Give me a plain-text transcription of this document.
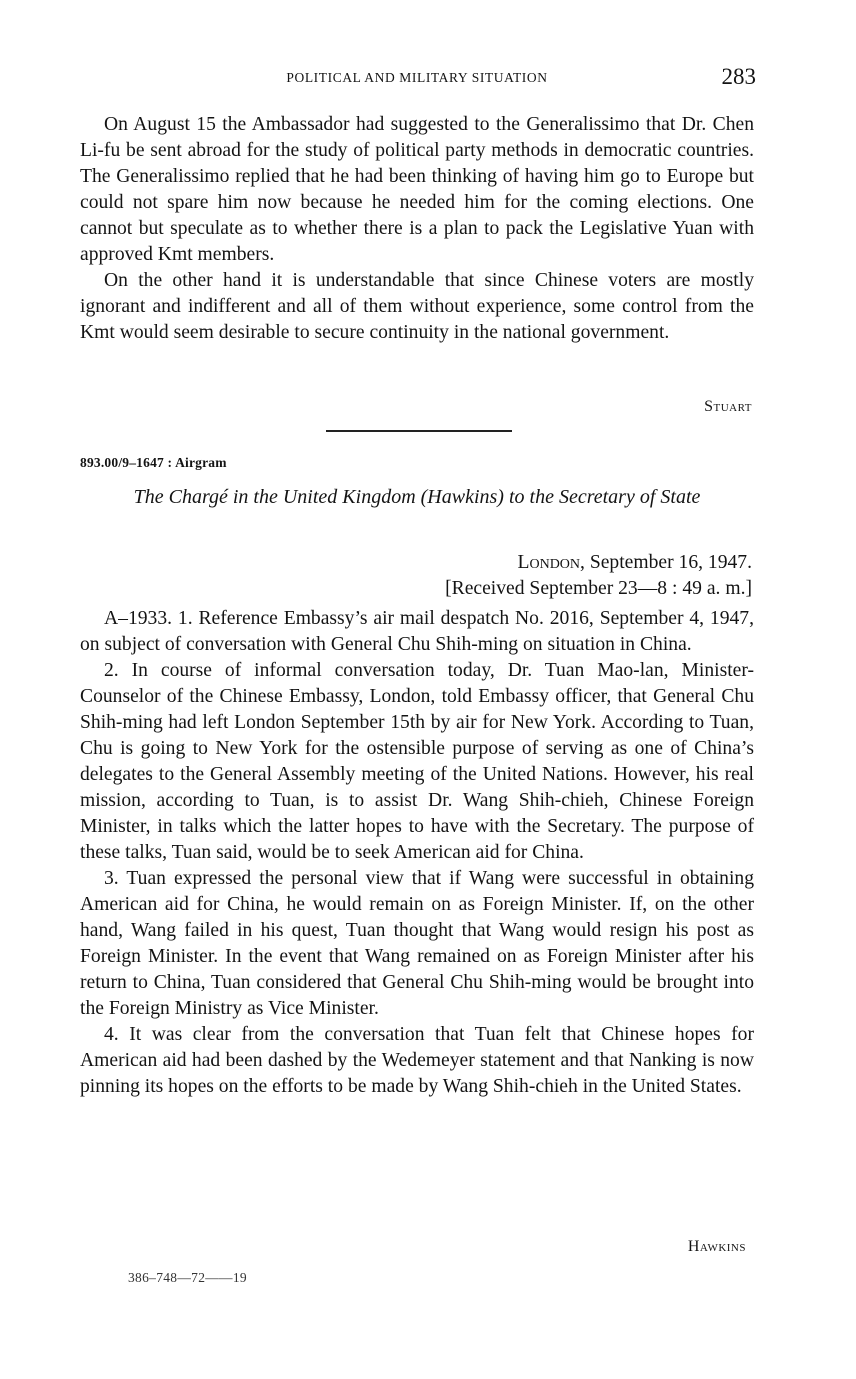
POLITICAL AND MILITARY SITUATION	283

On August 15 the Ambassador had suggested to the Generalissimo that Dr. Chen Li-fu be sent abroad for the study of political party methods in democratic countries. The Generalissimo replied that he had been thinking of having him go to Europe but could not spare him now because he needed him for the coming elections. One cannot but speculate as to whether there is a plan to pack the Legislative Yuan with approved Kmt members.

On the other hand it is understandable that since Chinese voters are mostly ignorant and indifferent and all of them without experience, some control from the Kmt would seem desirable to secure continuity in the national government.

Stuart
893.00/9–1647 : Airgram
The Chargé in the United Kingdom (Hawkins) to the Secretary of State
London, September 16, 1947.
[Received September 23—8 : 49 a. m.]

A–1933. 1. Reference Embassy’s air mail despatch No. 2016, September 4, 1947, on subject of conversation with General Chu Shih-ming on situation in China.

2. In course of informal conversation today, Dr. Tuan Mao-lan, Minister-Counselor of the Chinese Embassy, London, told Embassy officer, that General Chu Shih-ming had left London September 15th by air for New York. According to Tuan, Chu is going to New York for the ostensible purpose of serving as one of China’s delegates to the General Assembly meeting of the United Nations. However, his real mission, according to Tuan, is to assist Dr. Wang Shih-chieh, Chinese Foreign Minister, in talks which the latter hopes to have with the Secretary. The purpose of these talks, Tuan said, would be to seek American aid for China.

3. Tuan expressed the personal view that if Wang were successful in obtaining American aid for China, he would remain on as Foreign Minister. If, on the other hand, Wang failed in his quest, Tuan thought that Wang would resign his post as Foreign Minister. In the event that Wang remained on as Foreign Minister after his return to China, Tuan considered that General Chu Shih-ming would be brought into the Foreign Ministry as Vice Minister.

4. It was clear from the conversation that Tuan felt that Chinese hopes for American aid had been dashed by the Wedemeyer statement and that Nanking is now pinning its hopes on the efforts to be made by Wang Shih-chieh in the United States.

Hawkins
386–748—72——19
